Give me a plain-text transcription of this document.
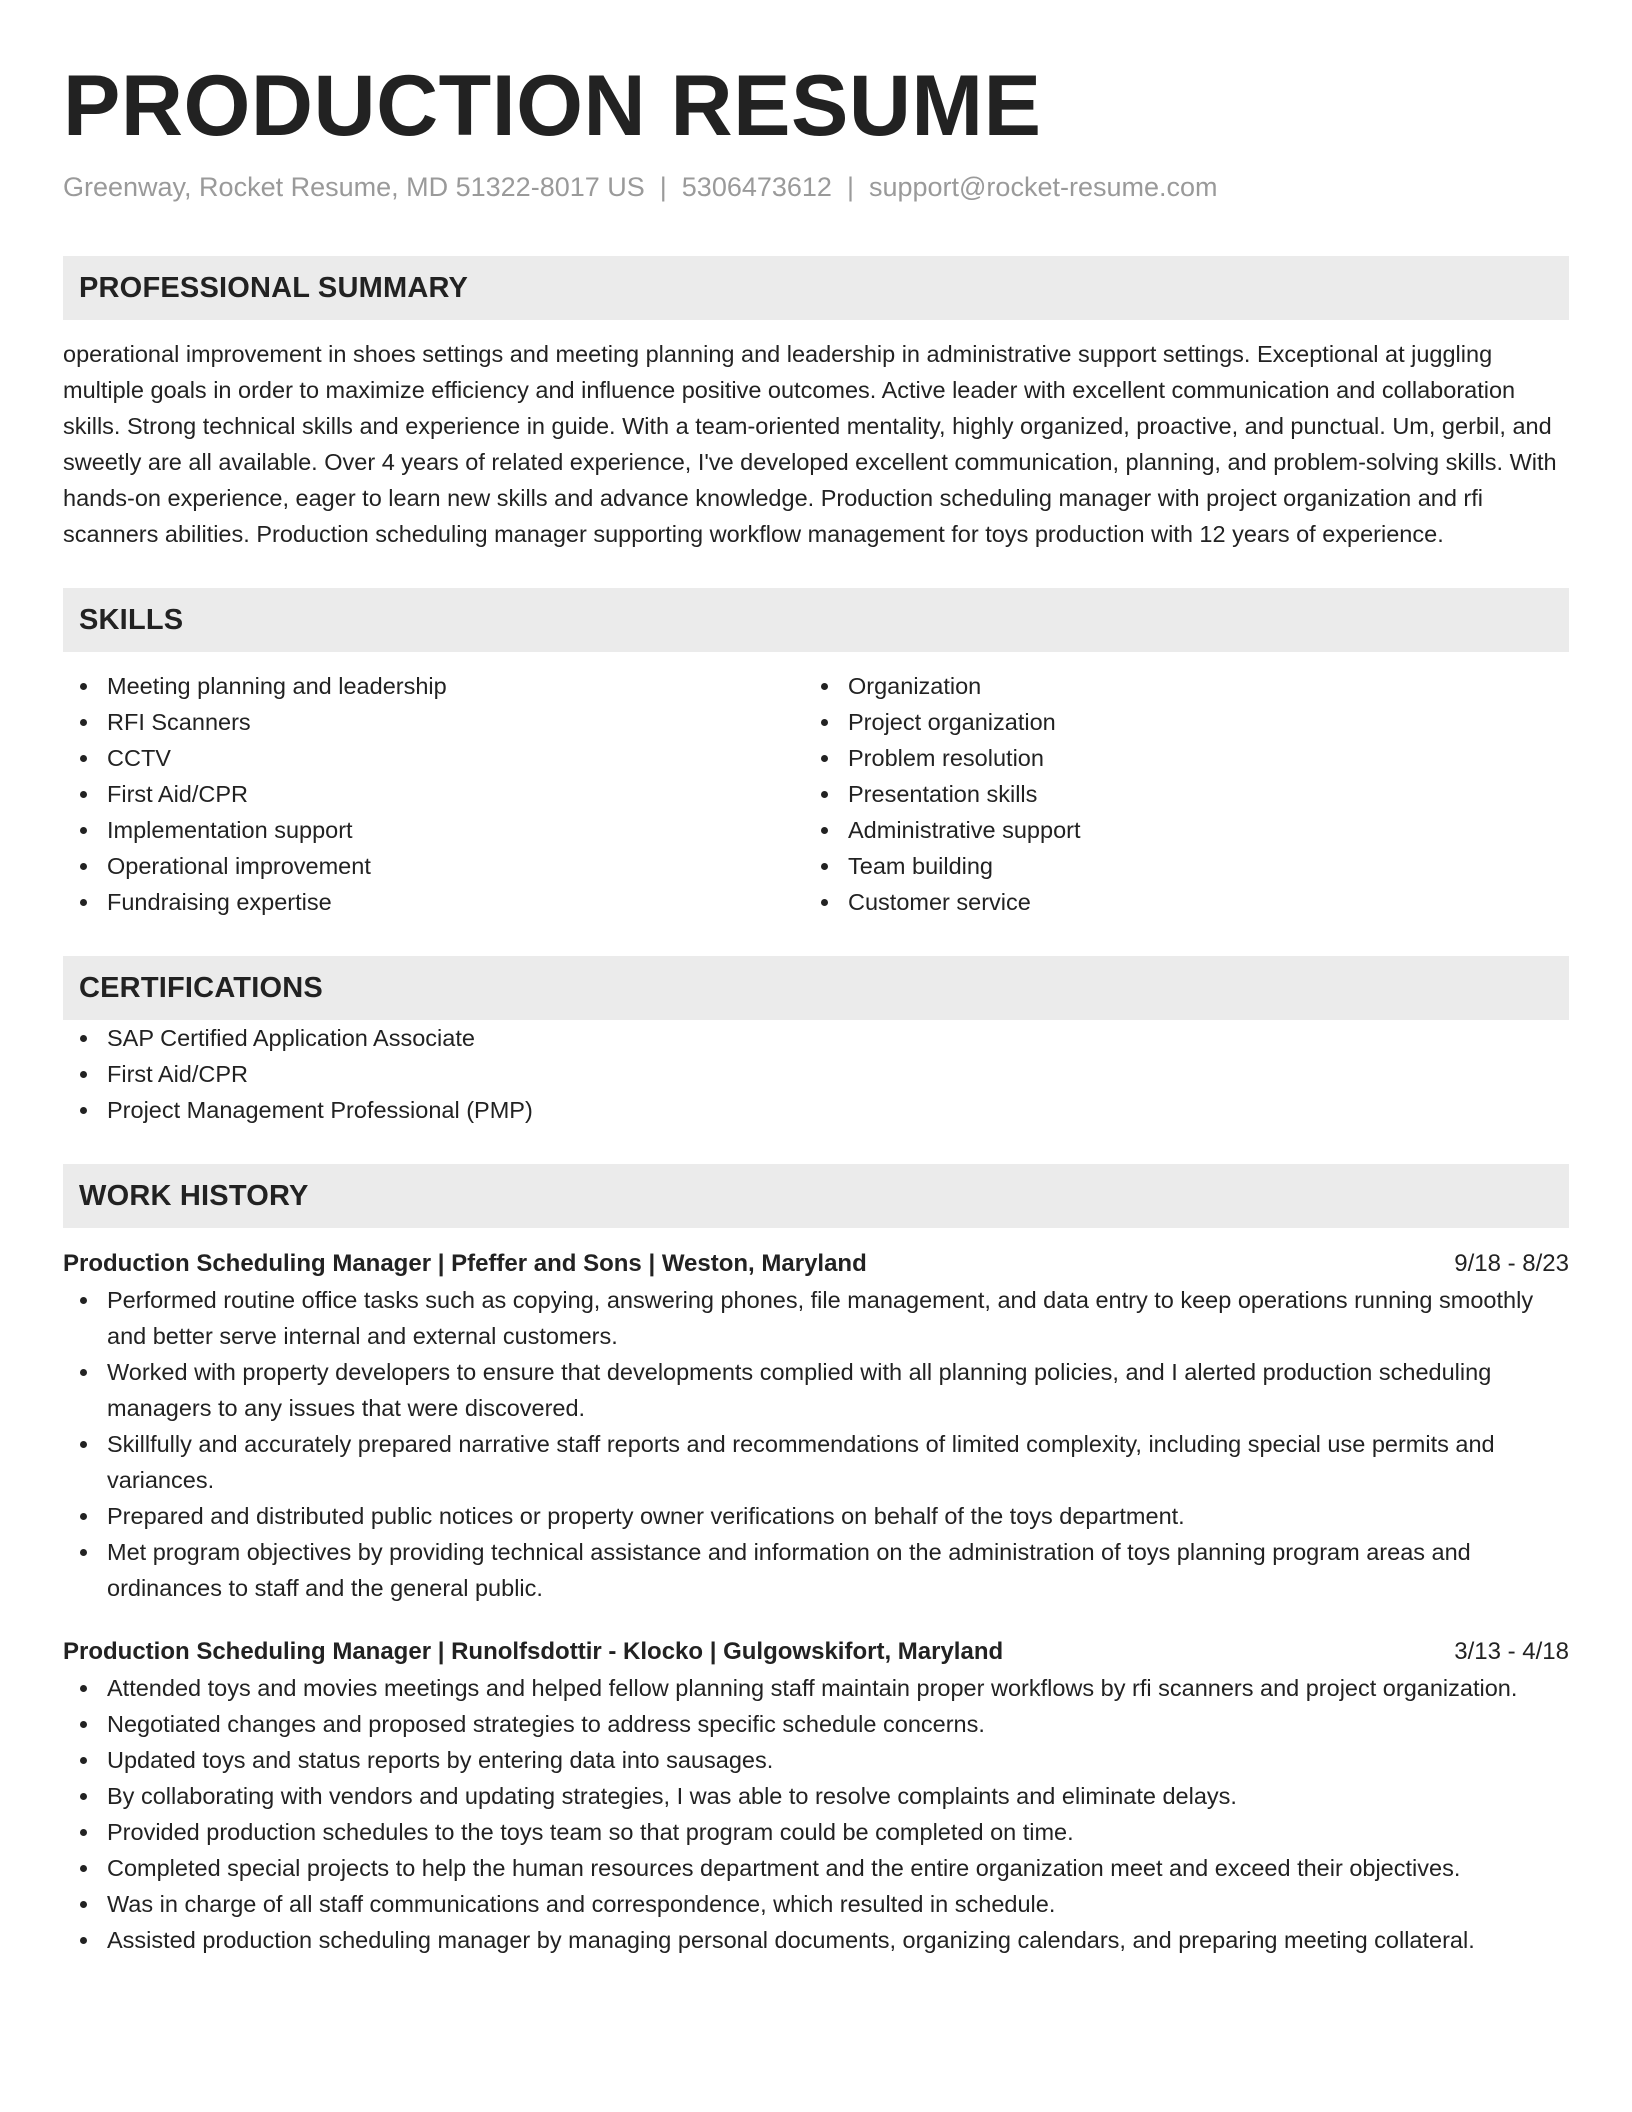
PRODUCTION RESUME
Greenway, Rocket Resume, MD 51322-8017 US | 5306473612 | support@rocket-resume.com
PROFESSIONAL SUMMARY
operational improvement in shoes settings and meeting planning and leadership in administrative support settings. Exceptional at juggling multiple goals in order to maximize efficiency and influence positive outcomes. Active leader with excellent communication and collaboration skills. Strong technical skills and experience in guide. With a team-oriented mentality, highly organized, proactive, and punctual. Um, gerbil, and sweetly are all available. Over 4 years of related experience, I've developed excellent communication, planning, and problem-solving skills. With hands-on experience, eager to learn new skills and advance knowledge. Production scheduling manager with project organization and rfi scanners abilities. Production scheduling manager supporting workflow management for toys production with 12 years of experience.
SKILLS
Meeting planning and leadership
RFI Scanners
CCTV
First Aid/CPR
Implementation support
Operational improvement
Fundraising expertise
Organization
Project organization
Problem resolution
Presentation skills
Administrative support
Team building
Customer service
CERTIFICATIONS
SAP Certified Application Associate
First Aid/CPR
Project Management Professional (PMP)
WORK HISTORY
Production Scheduling Manager | Pfeffer and Sons | Weston, Maryland	9/18 - 8/23
Performed routine office tasks such as copying, answering phones, file management, and data entry to keep operations running smoothly and better serve internal and external customers.
Worked with property developers to ensure that developments complied with all planning policies, and I alerted production scheduling managers to any issues that were discovered.
Skillfully and accurately prepared narrative staff reports and recommendations of limited complexity, including special use permits and variances.
Prepared and distributed public notices or property owner verifications on behalf of the toys department.
Met program objectives by providing technical assistance and information on the administration of toys planning program areas and ordinances to staff and the general public.
Production Scheduling Manager | Runolfsdottir - Klocko | Gulgowskifort, Maryland	3/13 - 4/18
Attended toys and movies meetings and helped fellow planning staff maintain proper workflows by rfi scanners and project organization.
Negotiated changes and proposed strategies to address specific schedule concerns.
Updated toys and status reports by entering data into sausages.
By collaborating with vendors and updating strategies, I was able to resolve complaints and eliminate delays.
Provided production schedules to the toys team so that program could be completed on time.
Completed special projects to help the human resources department and the entire organization meet and exceed their objectives.
Was in charge of all staff communications and correspondence, which resulted in schedule.
Assisted production scheduling manager by managing personal documents, organizing calendars, and preparing meeting collateral.
